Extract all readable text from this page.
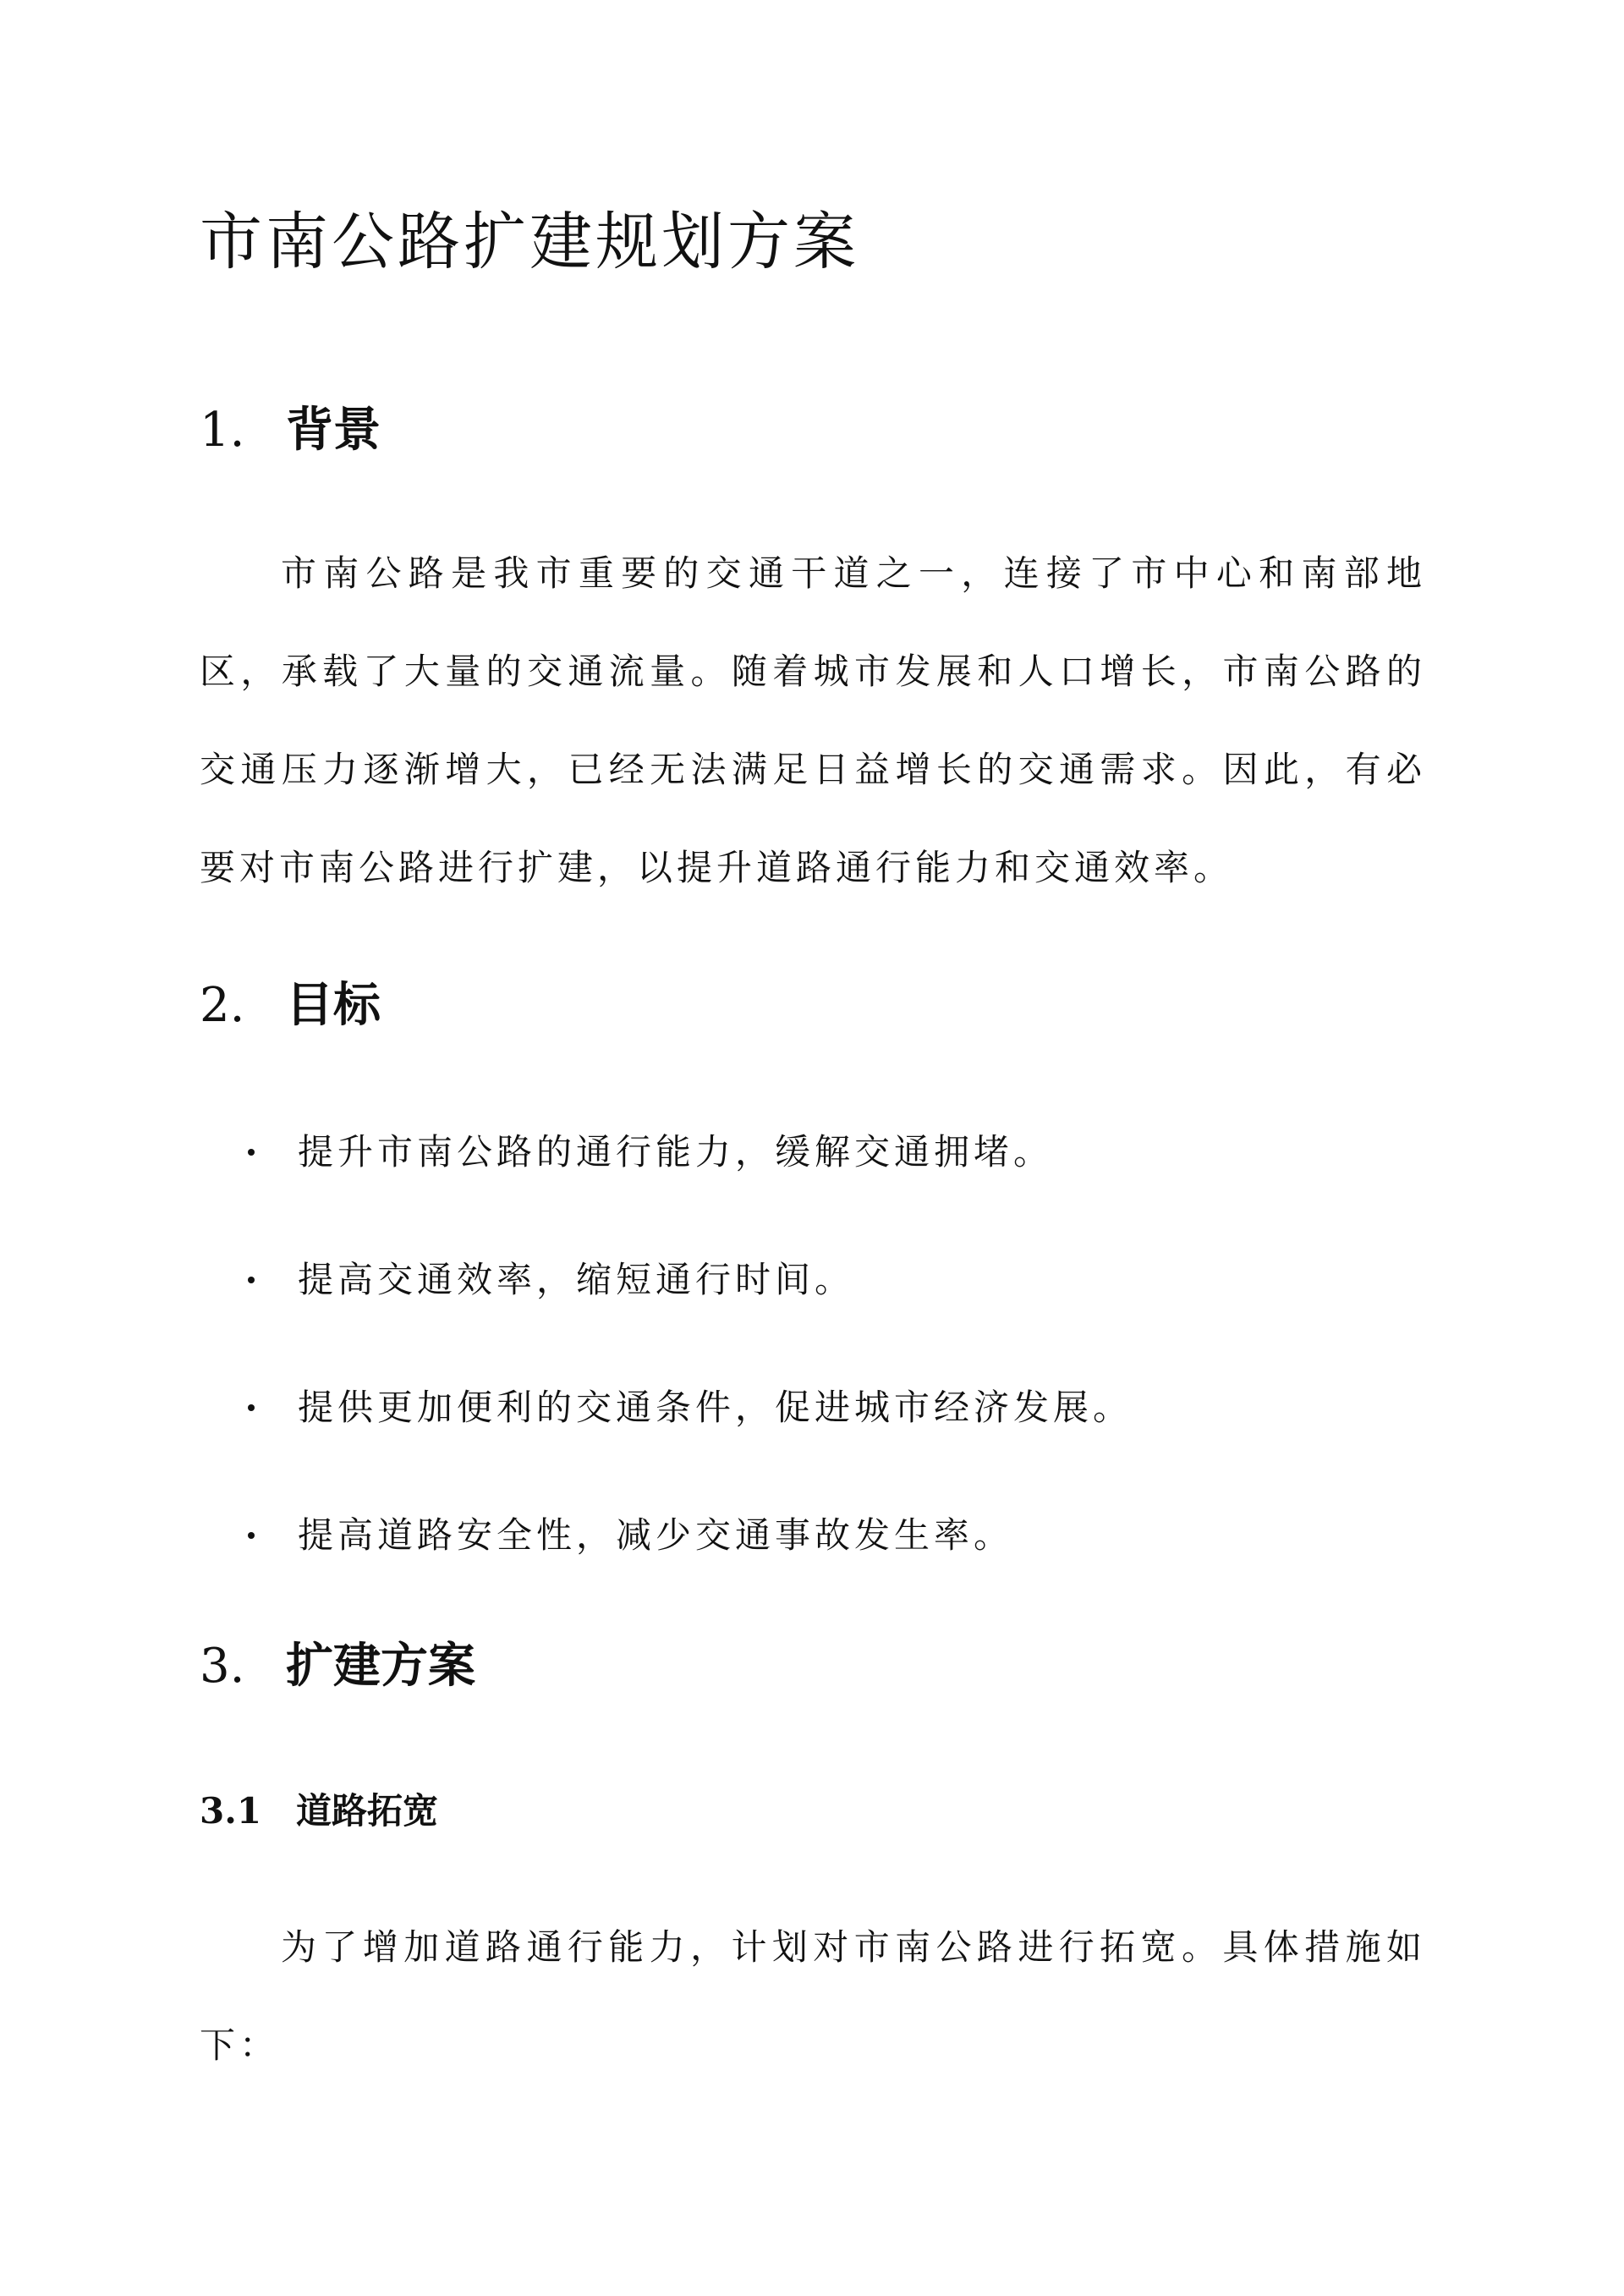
市南公路扩建规划方案
1. 背景

市南公路是我市重要的交通干道之一，连接了市中心和南部地区，承载了大量的交通流量。随着城市发展和人口增长，市南公路的交通压力逐渐增大，已经无法满足日益增长的交通需求。因此，有必要对市南公路进行扩建，以提升道路通行能力和交通效率。

2. 目标
提升市南公路的通行能力，缓解交通拥堵。
提高交通效率，缩短通行时间。
提供更加便利的交通条件，促进城市经济发展。
提高道路安全性，减少交通事故发生率。
3. 扩建方案
3.1 道路拓宽

为了增加道路通行能力，计划对市南公路进行拓宽。具体措施如下：
